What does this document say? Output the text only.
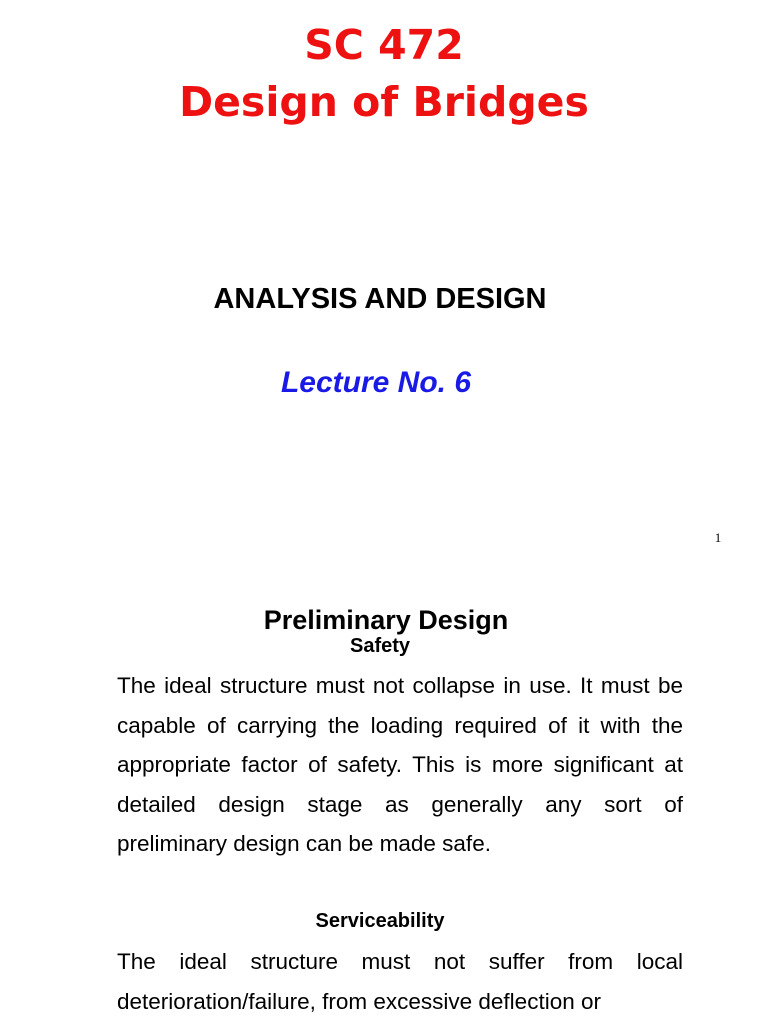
SC 472
Design of Bridges
ANALYSIS AND DESIGN
Lecture No. 6
1
Preliminary Design
Safety

The ideal structure must not collapse in use. It must be capable of carrying the loading required of it with the appropriate factor of safety. This is more significant at detailed design stage as generally any sort of preliminary design can be made safe.

Serviceability

The ideal structure must not suffer from local deterioration/failure, from excessive deflection or
